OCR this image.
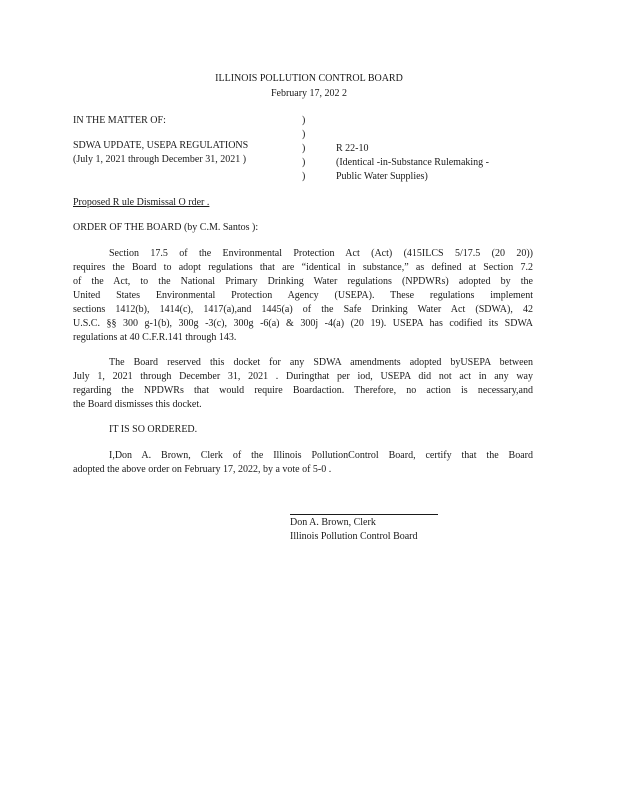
ILLINOIS POLLUTION CONTROL BOARD
February 17, 202 2
IN THE MATTER OF:
SDWA UPDATE, USEPA REGULATIONS
(July 1, 2021 through December 31, 2021 )
)
)
)
)
)
R 22-10
(Identical -in-Substance Rulemaking -
Public Water Supplies)
Proposed R ule Dismissal O rder .
ORDER OF THE BOARD (by C.M. Santos ):
Section 17.5 of the Environmental Protection Act (Act) (415ILCS 5/17.5 (20 20))
requires the Board to adopt regulations that are “identical in substance,” as defined at Section 7.2
of the Act, to the National Primary Drinking Water regulations (NPDWRs) adopted by the
United States Environmental Protection Agency (USEPA). These regulations implement
sections 1412(b), 1414(c), 1417(a),and 1445(a) of the Safe Drinking Water Act (SDWA), 42
U.S.C. §§ 300 g-1(b), 300g -3(c), 300g -6(a) & 300j -4(a) (20 19). USEPA has codified its SDWA
regulations at 40 C.F.R.141 through 143.
The Board reserved this docket for any SDWA amendments adopted byUSEPA between
July 1, 2021 through December 31, 2021 . Duringthat per iod, USEPA did not act in any way
regarding the NPDWRs that would require Boardaction. Therefore, no action is necessary,and
the Board dismisses this docket.
IT IS SO ORDERED.
I,Don A. Brown, Clerk of the Illinois PollutionControl Board, certify that the Board
adopted the above order on February 17, 2022, by a vote of 5-0 .
Don A. Brown, Clerk
Illinois Pollution Control Board
